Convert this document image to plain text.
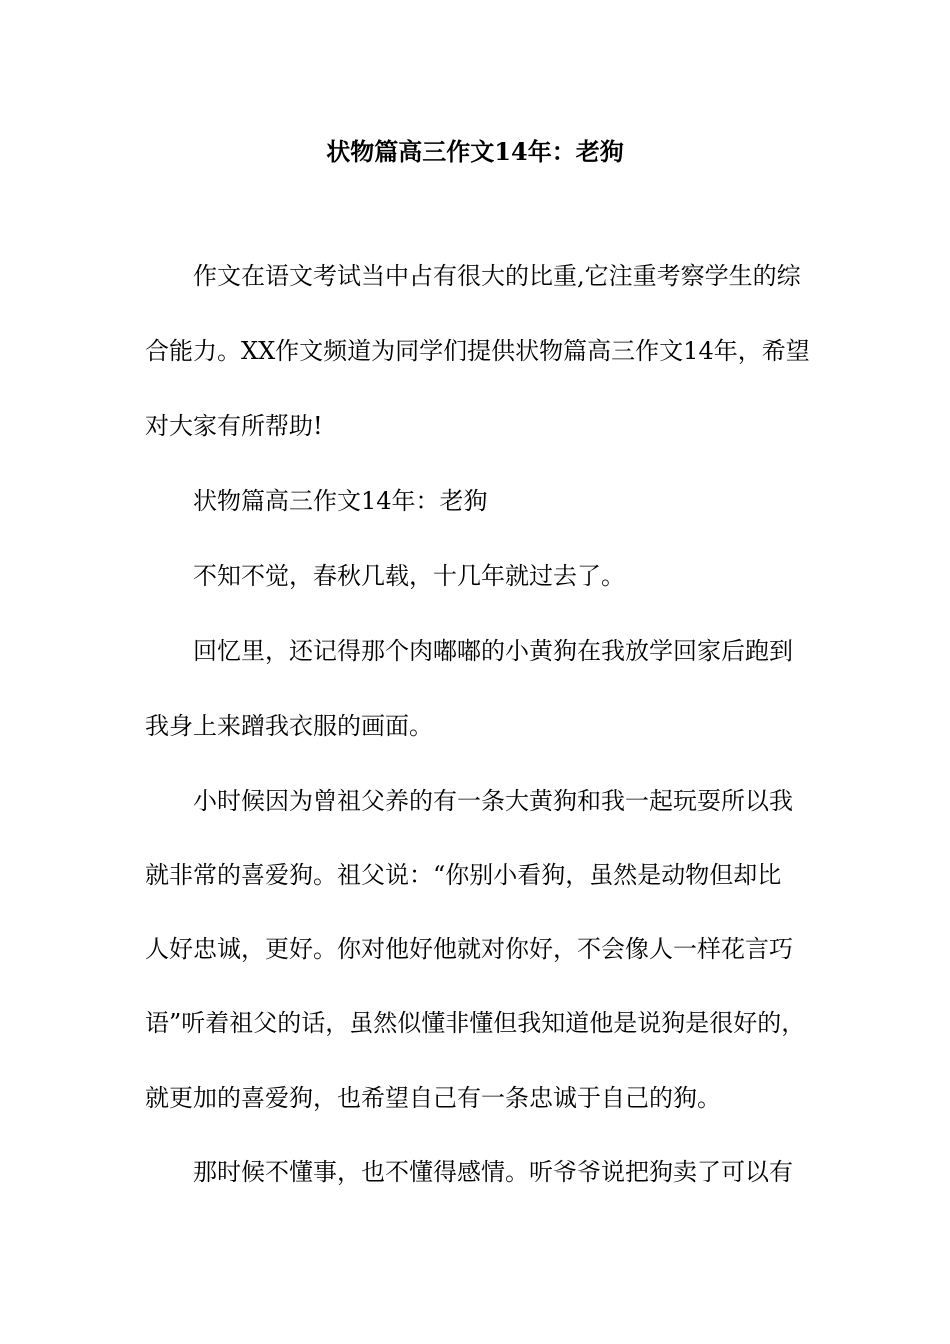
状物篇高三作文14年：老狗
作文在语文考试当中占有很大的比重,它注重考察学生的综
合能力。XX作文频道为同学们提供状物篇高三作文14年，希望
对大家有所帮助!
状物篇高三作文14年：老狗
不知不觉，春秋几载，十几年就过去了。
回忆里，还记得那个肉嘟嘟的小黄狗在我放学回家后跑到
我身上来蹭我衣服的画面。
小时候因为曾祖父养的有一条大黄狗和我一起玩耍所以我
就非常的喜爱狗。祖父说：“你别小看狗，虽然是动物但却比
人好忠诚，更好。你对他好他就对你好，不会像人一样花言巧
语”听着祖父的话，虽然似懂非懂但我知道他是说狗是很好的，
就更加的喜爱狗，也希望自己有一条忠诚于自己的狗。
那时候不懂事，也不懂得感情。听爷爷说把狗卖了可以有
